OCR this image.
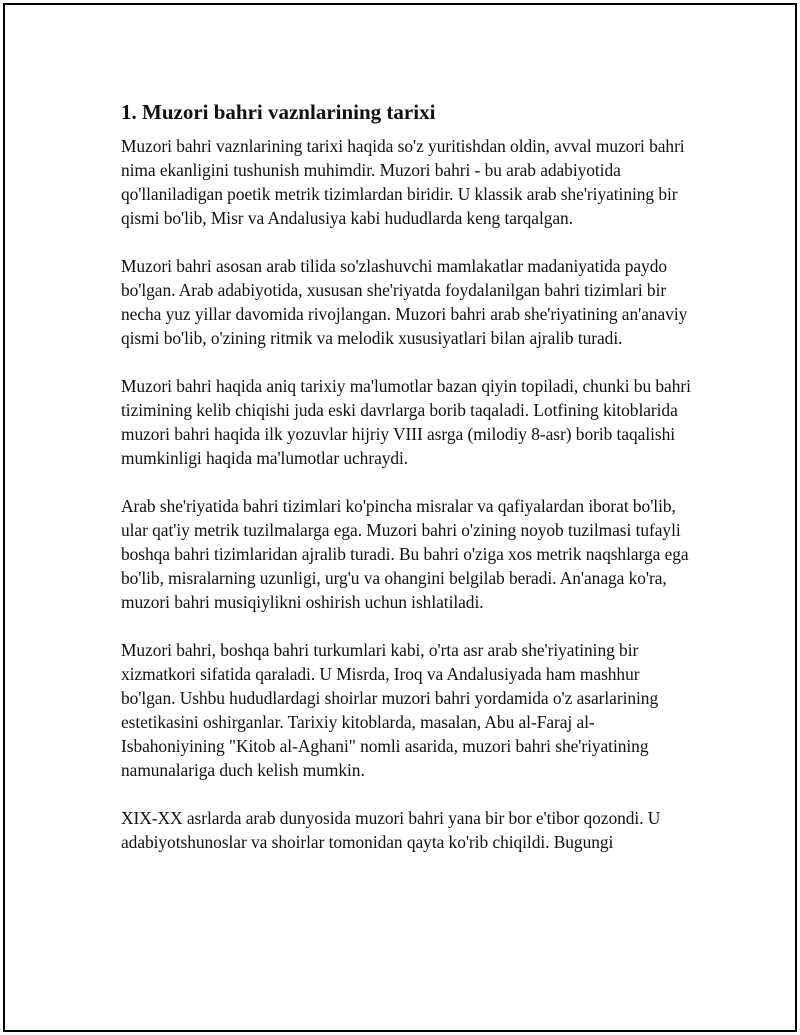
1. Muzori bahri vaznlarining tarixi

Muzori bahri vaznlarining tarixi haqida so'z yuritishdan oldin, avval muzori bahri nima ekanligini tushunish muhimdir. Muzori bahri - bu arab adabiyotida qo'llaniladigan poetik metrik tizimlardan biridir. U klassik arab she'riyatining bir qismi bo'lib, Misr va Andalusiya kabi hududlarda keng tarqalgan.

Muzori bahri asosan arab tilida so'zlashuvchi mamlakatlar madaniyatida paydo bo'lgan. Arab adabiyotida, xususan she'riyatda foydalanilgan bahri tizimlari bir necha yuz yillar davomida rivojlangan. Muzori bahri arab she'riyatining an'anaviy qismi bo'lib, o'zining ritmik va melodik xususiyatlari bilan ajralib turadi.

Muzori bahri haqida aniq tarixiy ma'lumotlar bazan qiyin topiladi, chunki bu bahri tizimining kelib chiqishi juda eski davrlarga borib taqaladi. Lotfining kitoblarida muzori bahri haqida ilk yozuvlar hijriy VIII asrga (milodiy 8-asr) borib taqalishi mumkinligi haqida ma'lumotlar uchraydi.

Arab she'riyatida bahri tizimlari ko'pincha misralar va qafiyalardan iborat bo'lib, ular qat'iy metrik tuzilmalarga ega. Muzori bahri o'zining noyob tuzilmasi tufayli boshqa bahri tizimlaridan ajralib turadi. Bu bahri o'ziga xos metrik naqshlarga ega bo'lib, misralarning uzunligi, urg'u va ohangini belgilab beradi. An'anaga ko'ra, muzori bahri musiqiylikni oshirish uchun ishlatiladi.

Muzori bahri, boshqa bahri turkumlari kabi, o'rta asr arab she'riyatining bir xizmatkori sifatida qaraladi. U Misrda, Iroq va Andalusiyada ham mashhur bo'lgan. Ushbu hududlardagi shoirlar muzori bahri yordamida o'z asarlarining estetikasini oshirganlar. Tarixiy kitoblarda, masalan, Abu al-Faraj al-Isbahoniyining "Kitob al-Aghani" nomli asarida, muzori bahri she'riyatining namunalariga duch kelish mumkin.

XIX-XX asrlarda arab dunyosida muzori bahri yana bir bor e'tibor qozondi. U adabiyotshunoslar va shoirlar tomonidan qayta ko'rib chiqildi. Bugungi
